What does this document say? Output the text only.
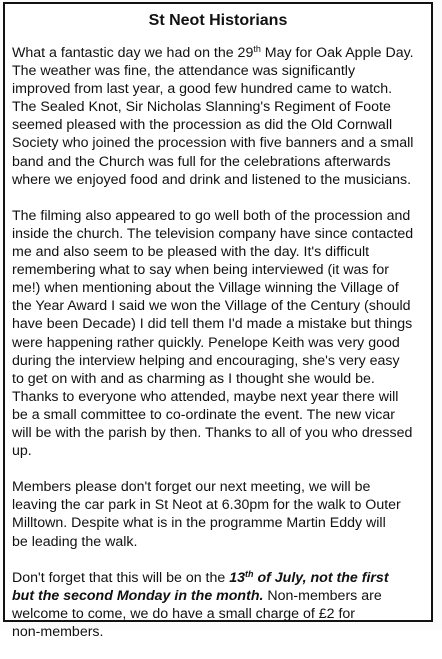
St Neot Historians

What a fantastic day we had on the 29th May for Oak Apple Day.
The weather was fine, the attendance was significantly
improved from last year, a good few hundred came to watch.
The Sealed Knot, Sir Nicholas Slanning's Regiment of Foote
seemed pleased with the procession as did the Old Cornwall
Society who joined the procession with five banners and a small
band and the Church was full for the celebrations afterwards
where we enjoyed food and drink and listened to the musicians.

The filming also appeared to go well both of the procession and
inside the church. The television company have since contacted
me and also seem to be pleased with the day. It's difficult
remembering what to say when being interviewed (it was for
me!) when mentioning about the Village winning the Village of
the Year Award I said we won the Village of the Century (should
have been Decade) I did tell them I'd made a mistake but things
were happening rather quickly. Penelope Keith was very good
during the interview helping and encouraging, she's very easy
to get on with and as charming as I thought she would be.
Thanks to everyone who attended, maybe next year there will
be a small committee to co-ordinate the event. The new vicar
will be with the parish by then. Thanks to all of you who dressed
up.

Members please don't forget our next meeting, we will be
leaving the car park in St Neot at 6.30pm for the walk to Outer
Milltown. Despite what is in the programme Martin Eddy will
be leading the walk.

Don't forget that this will be on the 13th of July, not the first
but the second Monday in the month. Non-members are
welcome to come, we do have a small charge of £2 for
non-members.
